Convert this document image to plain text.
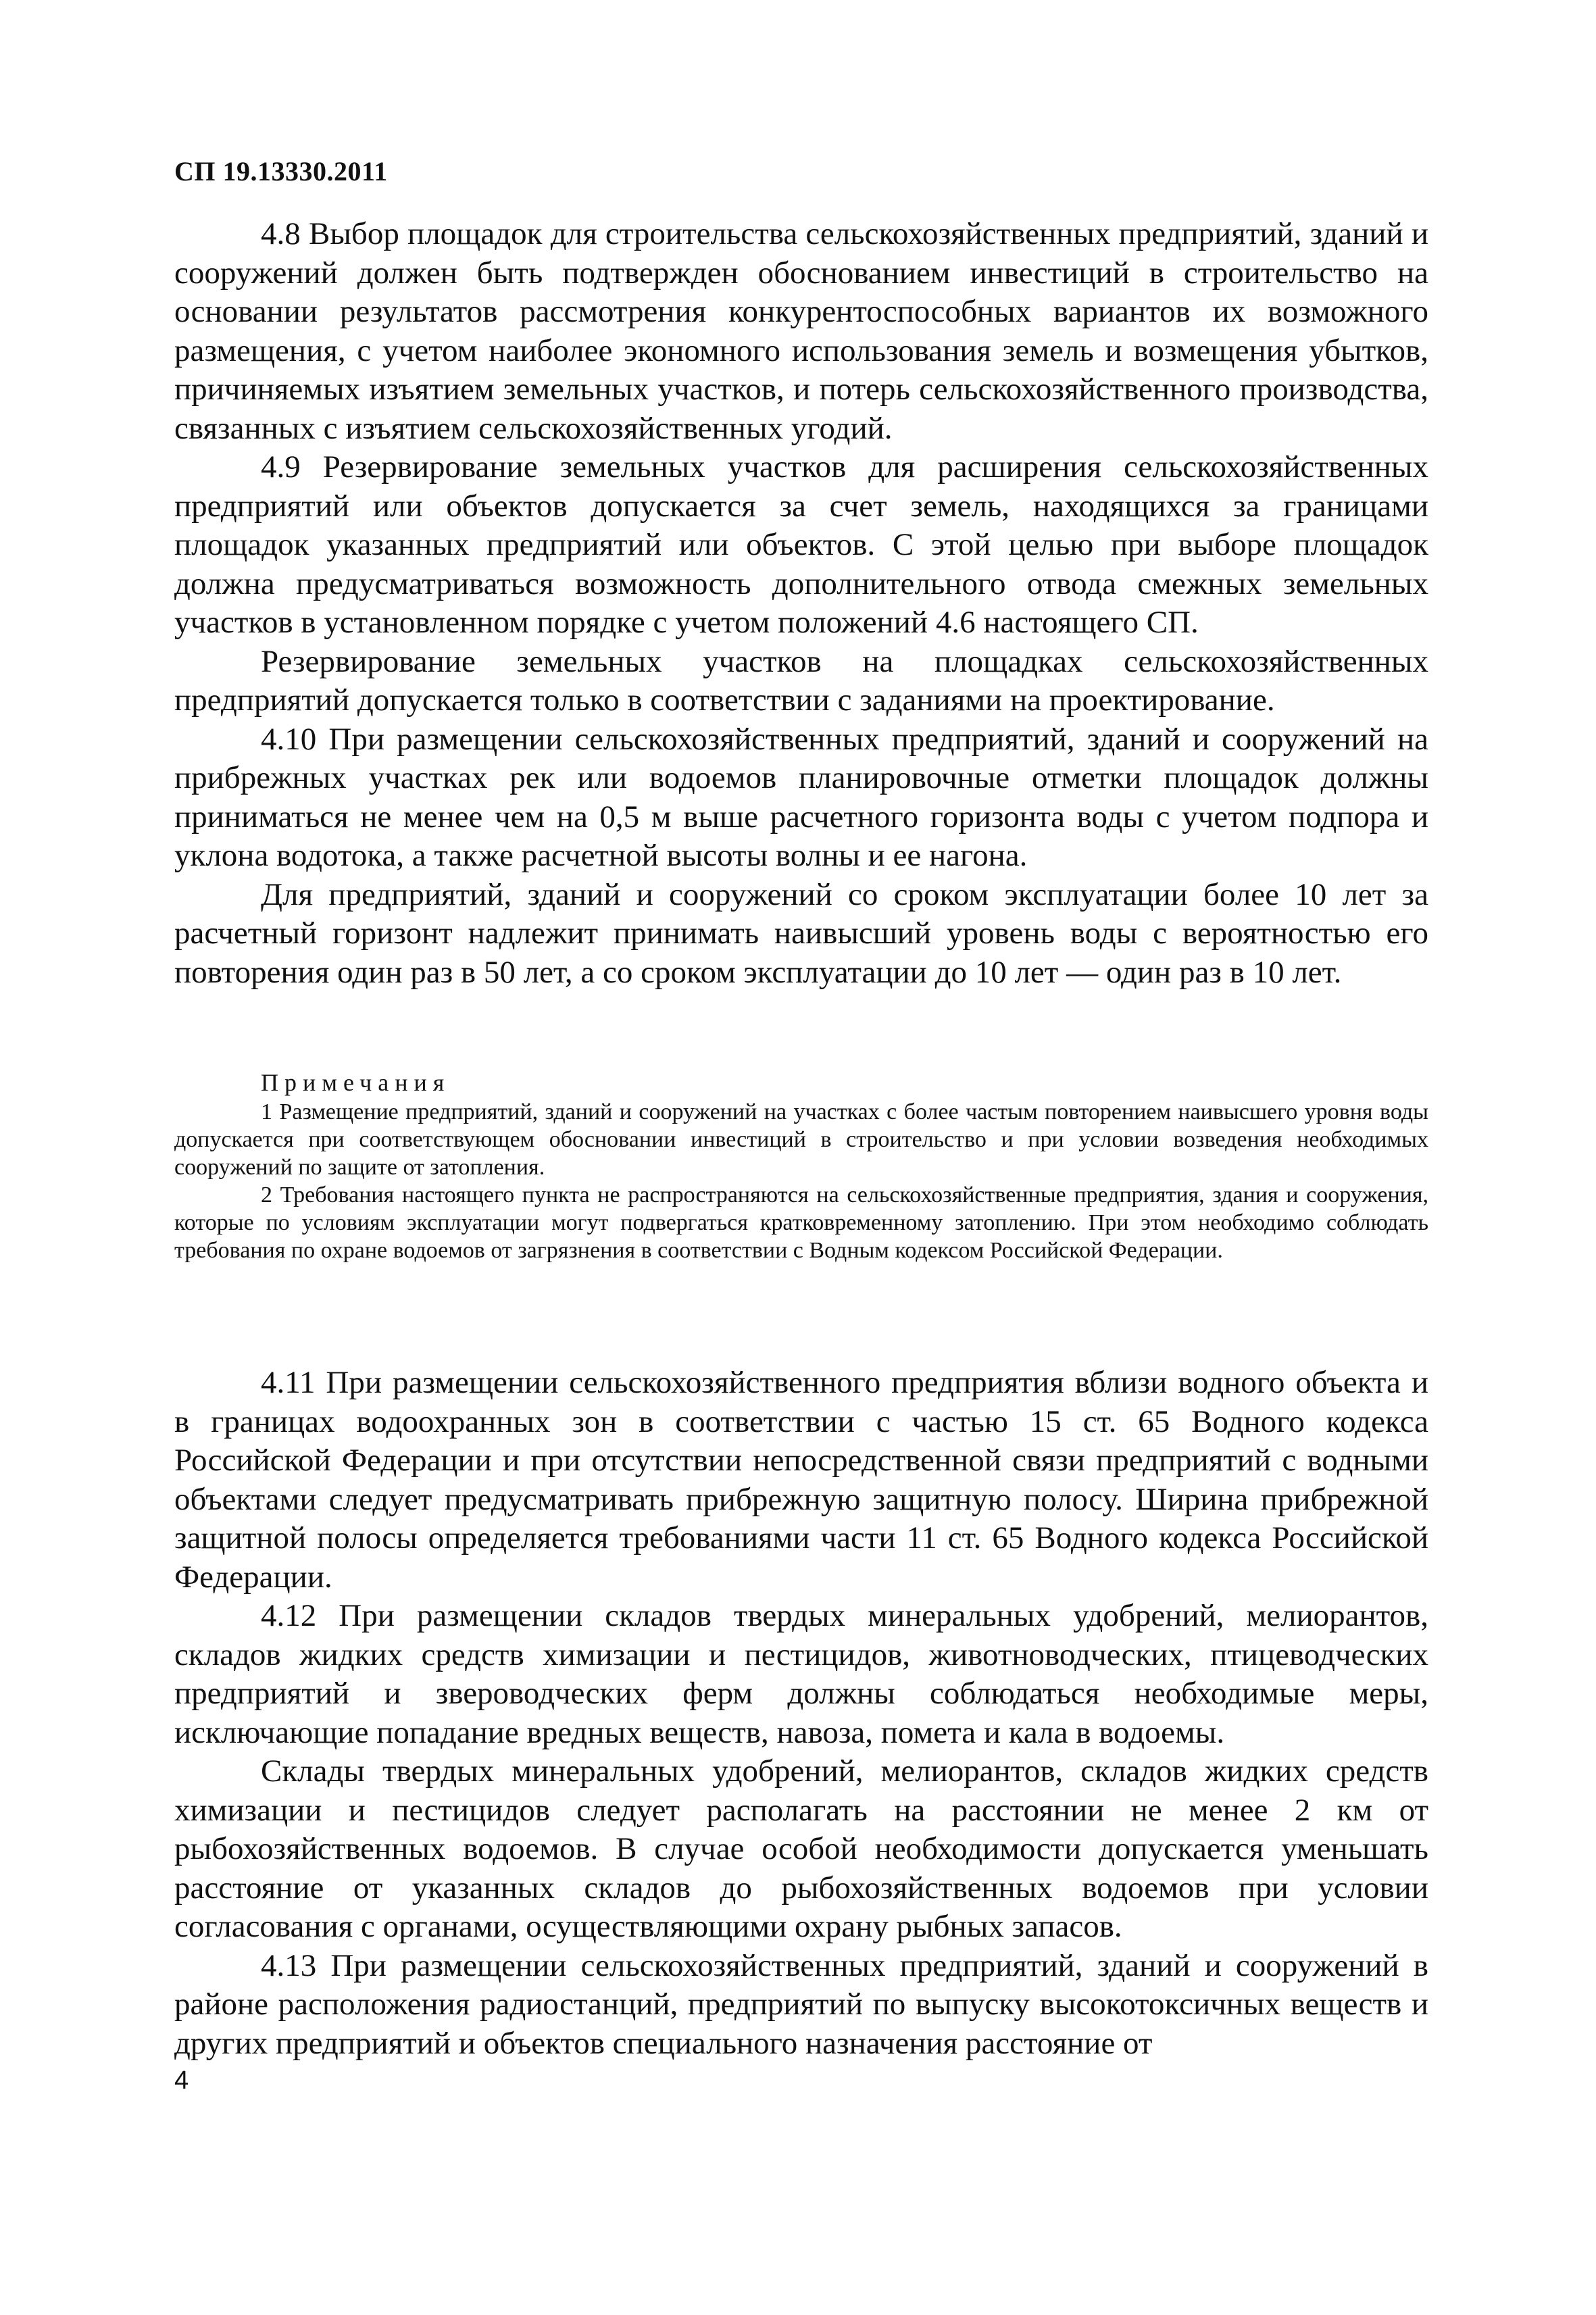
СП 19.13330.2011

4.8 Выбор площадок для строительства сельскохозяйственных предприятий, зданий и сооружений должен быть подтвержден обоснованием инвестиций в строительство на основании результатов рассмотрения конкурентоспособных вариантов их возможного размещения, с учетом наиболее экономного использования земель и возмещения убытков, причиняемых изъятием земельных участков, и потерь сельскохозяйственного производства, связанных с изъятием сельскохозяйственных угодий.

4.9 Резервирование земельных участков для расширения сельскохозяйственных предприятий или объектов допускается за счет земель, находящихся за границами площадок указанных предприятий или объектов. С этой целью при выборе площадок должна предусматриваться возможность дополнительного отвода смежных земельных участков в установленном порядке с учетом положений 4.6 настоящего СП.

Резервирование земельных участков на площадках сельскохозяйственных предприятий допускается только в соответствии с заданиями на проектирование.

4.10 При размещении сельскохозяйственных предприятий, зданий и сооружений на прибрежных участках рек или водоемов планировочные отметки площадок должны приниматься не менее чем на 0,5 м выше расчетного горизонта воды с учетом подпора и уклона водотока, а также расчетной высоты волны и ее нагона.

Для предприятий, зданий и сооружений со сроком эксплуатации более 10 лет за расчетный горизонт надлежит принимать наивысший уровень воды с вероятностью его повторения один раз в 50 лет, а со сроком эксплуатации до 10 лет — один раз в 10 лет.

Примечания

1 Размещение предприятий, зданий и сооружений на участках с более частым повторением наивысшего уровня воды допускается при соответствующем обосновании инвестиций в строительство и при условии возведения необходимых сооружений по защите от затопления.

2 Требования настоящего пункта не распространяются на сельскохозяйственные предприятия, здания и сооружения, которые по условиям эксплуатации могут подвергаться кратковременному затоплению. При этом необходимо соблюдать требования по охране водоемов от загрязнения в соответствии с Водным кодексом Российской Федерации.

4.11 При размещении сельскохозяйственного предприятия вблизи водного объекта и в границах водоохранных зон в соответствии с частью 15 ст. 65 Водного кодекса Российской Федерации и при отсутствии непосредственной связи предприятий с водными объектами следует предусматривать прибрежную защитную полосу. Ширина прибрежной защитной полосы определяется требованиями части 11 ст. 65 Водного кодекса Российской Федерации.

4.12 При размещении складов твердых минеральных удобрений, мелиорантов, складов жидких средств химизации и пестицидов, животноводческих, птицеводческих предприятий и звероводческих ферм должны соблюдаться необходимые меры, исключающие попадание вредных веществ, навоза, помета и кала в водоемы.

Склады твердых минеральных удобрений, мелиорантов, складов жидких средств химизации и пестицидов следует располагать на расстоянии не менее 2 км от рыбохозяйственных водоемов. В случае особой необходимости допускается уменьшать расстояние от указанных складов до рыбохозяйственных водоемов при условии согласования с органами, осуществляющими охрану рыбных запасов.

4.13 При размещении сельскохозяйственных предприятий, зданий и сооружений в районе расположения радиостанций, предприятий по выпуску высокотоксичных веществ и других предприятий и объектов специального назначения расстояние от

4
